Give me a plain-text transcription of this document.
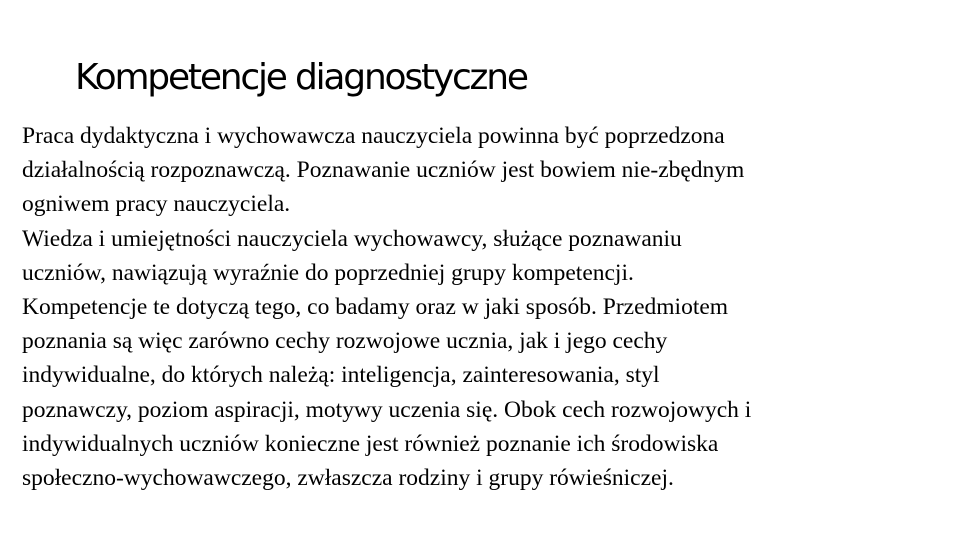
Kompetencje diagnostyczne
Praca dydaktyczna i wychowawcza nauczyciela powinna być poprzedzona
działalnością rozpoznawczą. Poznawanie uczniów jest bowiem nie-zbędnym
ogniwem pracy nauczyciela.
Wiedza i umiejętności nauczyciela wychowawcy, służące poznawaniu
uczniów, nawiązują wyraźnie do poprzedniej grupy kompetencji.
Kompetencje te dotyczą tego, co badamy oraz w jaki sposób. Przedmiotem
poznania są więc zarówno cechy rozwojowe ucznia, jak i jego cechy
indywidualne, do których należą: inteligencja, zainteresowania, styl
poznawczy, poziom aspiracji, motywy uczenia się. Obok cech rozwojowych i
indywidualnych uczniów konieczne jest również poznanie ich środowiska
społeczno-wychowawczego, zwłaszcza rodziny i grupy rówieśniczej.
